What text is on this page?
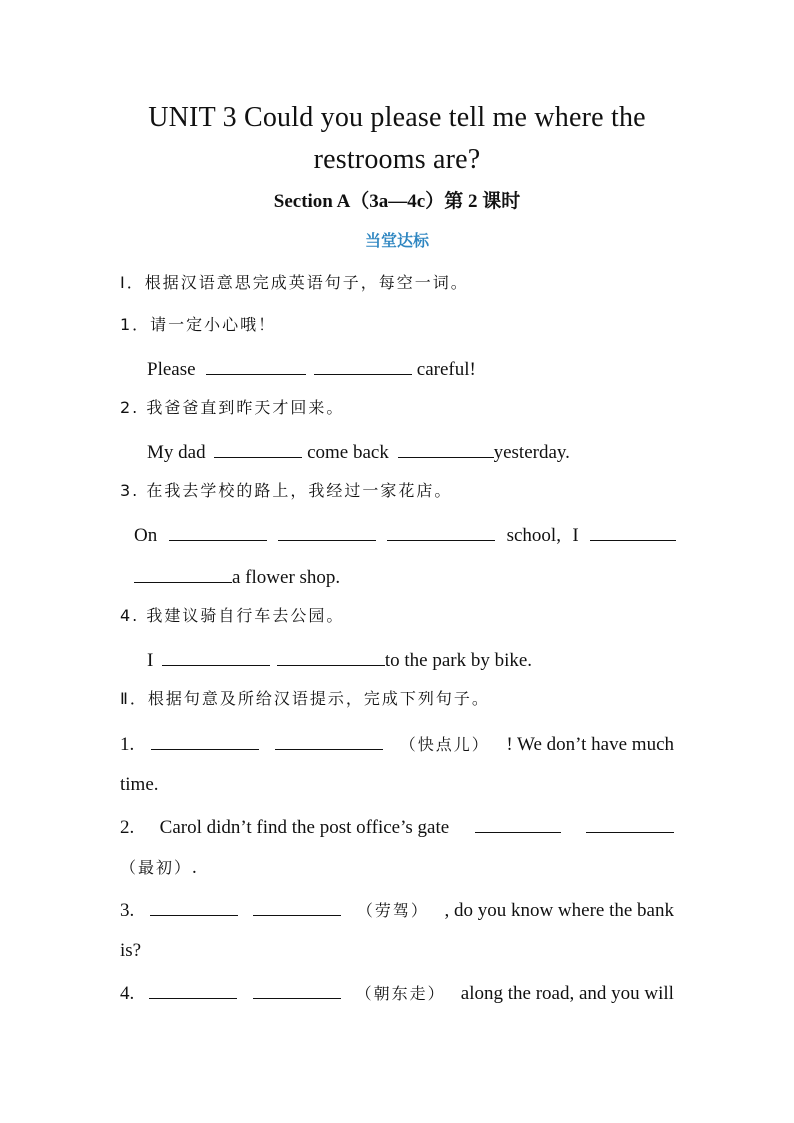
UNIT 3 Could you please tell me where the
restrooms are?
Section A（3a—4c）第 2 课时
当堂达标
Ⅰ．根据汉语意思完成英语句子，每空一词。
1．请一定小心哦！
Please	careful!
2. 我爸爸直到昨天才回来。
My dad	come back	yesterday.
3. 在我去学校的路上，我经过一家花店。
On	school, I
a flower shop.
4. 我建议骑自行车去公园。
I	to the park by bike.
Ⅱ．根据句意及所给汉语提示，完成下列句子。
1.	（快点儿） ! We don’t have much
time.
2. Carol didn’t find the post office’s gate
（最初）.
3.	（劳驾） , do you know where the bank
is?
4.	（朝东走） along the road, and you will
